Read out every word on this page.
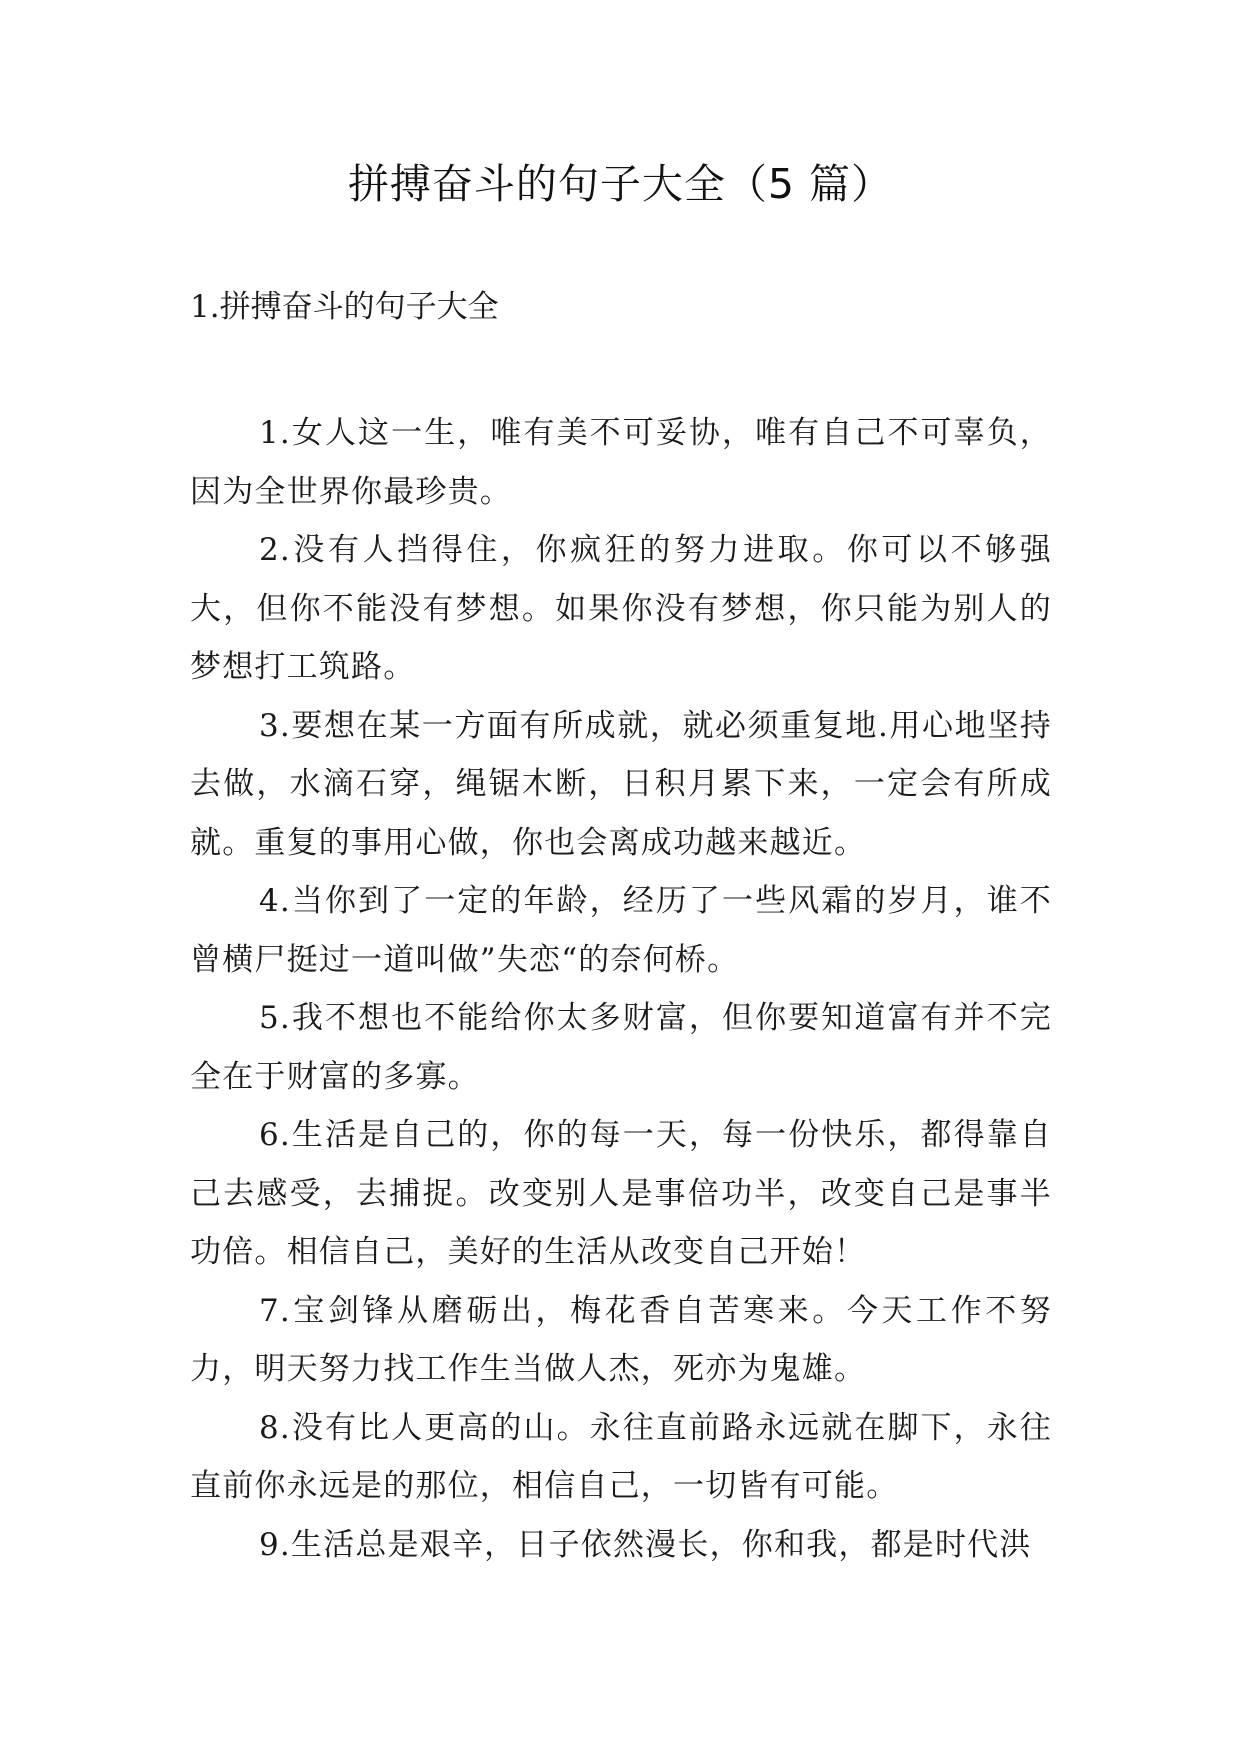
拼搏奋斗的句子大全（5 篇）
1.拼搏奋斗的句子大全

1.女人这一生，唯有美不可妥协，唯有自己不可辜负，因为全世界你最珍贵。

2.没有人挡得住，你疯狂的努力进取。你可以不够强大，但你不能没有梦想。如果你没有梦想，你只能为别人的梦想打工筑路。

3.要想在某一方面有所成就，就必须重复地.用心地坚持去做，水滴石穿，绳锯木断，日积月累下来，一定会有所成就。重复的事用心做，你也会离成功越来越近。

4.当你到了一定的年龄，经历了一些风霜的岁月，谁不曾横尸挺过一道叫做”失恋“的奈何桥。

5.我不想也不能给你太多财富，但你要知道富有并不完全在于财富的多寡。

6.生活是自己的，你的每一天，每一份快乐，都得靠自己去感受，去捕捉。改变别人是事倍功半，改变自己是事半功倍。相信自己，美好的生活从改变自己开始！

7.宝剑锋从磨砺出，梅花香自苦寒来。今天工作不努力，明天努力找工作生当做人杰，死亦为鬼雄。

8.没有比人更高的山。永往直前路永远就在脚下，永往直前你永远是的那位，相信自己，一切皆有可能。

9.生活总是艰辛，日子依然漫长，你和我，都是时代洪
